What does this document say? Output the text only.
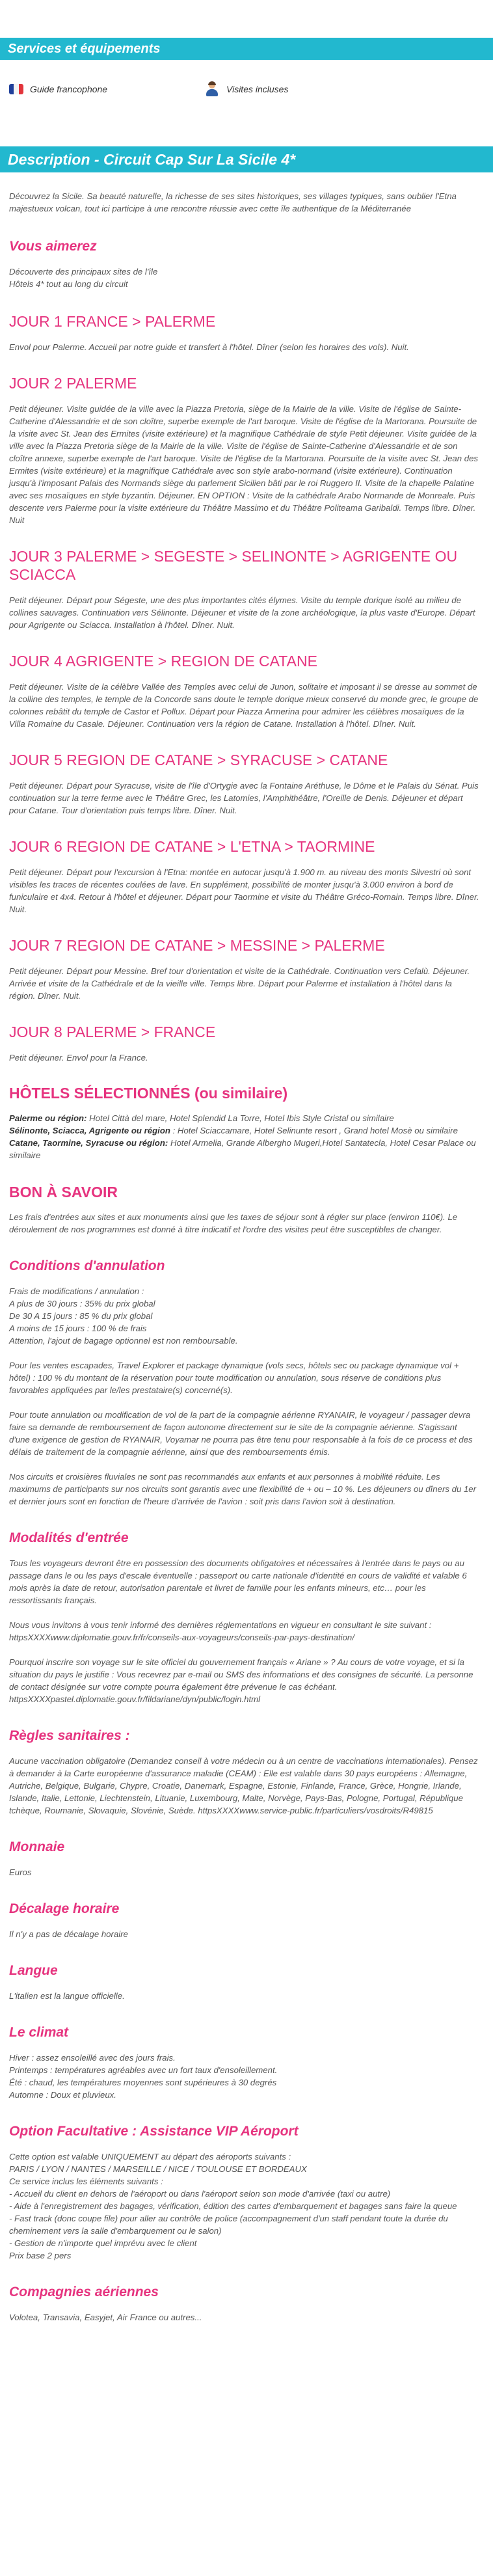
Services et équipements
Guide francophone	Visites incluses
Description - Circuit Cap Sur La Sicile 4*

Découvrez la Sicile. Sa beauté naturelle, la richesse de ses sites historiques, ses villages typiques, sans oublier l'Etna majestueux volcan, tout ici participe à une rencontre réussie avec cette île authentique de la Méditerranée

Vous aimerez

Découverte des principaux sites de l'île

Hôtels 4* tout au long du circuit

JOUR 1 FRANCE > PALERME

Envol pour Palerme. Accueil par notre guide et transfert à l'hôtel. Dîner (selon les horaires des vols). Nuit.

JOUR 2 PALERME

Petit déjeuner. Visite guidée de la ville avec la Piazza Pretoria, siège de la Mairie de la ville. Visite de l'église de Sainte-Catherine d'Alessandrie et de son cloître, superbe exemple de l'art baroque. Visite de l'église de la Martorana. Poursuite de la visite avec St. Jean des Ermites (visite extérieure) et la magnifique Cathédrale de style Petit déjeuner. Visite guidée de la ville avec la Piazza Pretoria siège de la Mairie de la ville. Visite de l'église de Sainte-Catherine d'Alessandrie et de son cloître annexe, superbe exemple de l'art baroque. Visite de l'église de la Martorana. Poursuite de la visite avec St. Jean des Ermites (visite extérieure) et la magnifique Cathédrale avec son style arabo-normand (visite extérieure). Continuation jusqu'à l'imposant Palais des Normands siège du parlement Sicilien bâti par le roi Ruggero II. Visite de la chapelle Palatine avec ses mosaïques en style byzantin. Déjeuner. EN OPTION : Visite de la cathédrale Arabo Normande de Monreale. Puis descente vers Palerme pour la visite extérieure du Théâtre Massimo et du Théâtre Politeama Garibaldi. Temps libre. Dîner. Nuit

JOUR 3 PALERME > SEGESTE > SELINONTE > AGRIGENTE OU SCIACCA

Petit déjeuner. Départ pour Ségeste, une des plus importantes cités élymes. Visite du temple dorique isolé au milieu de collines sauvages. Continuation vers Sélinonte. Déjeuner et visite de la zone archéologique, la plus vaste d'Europe. Départ pour Agrigente ou Sciacca. Installation à l'hôtel. Dîner. Nuit.

JOUR 4 AGRIGENTE > REGION DE CATANE

Petit déjeuner. Visite de la célèbre Vallée des Temples avec celui de Junon, solitaire et imposant il se dresse au sommet de la colline des temples, le temple de la Concorde sans doute le temple dorique mieux conservé du monde grec, le groupe de colonnes rebâtit du temple de Castor et Pollux. Départ pour Piazza Armerina pour admirer les célèbres mosaïques de la Villa Romaine du Casale. Déjeuner. Continuation vers la région de Catane. Installation à l'hôtel. Dîner. Nuit.

JOUR 5 REGION DE CATANE > SYRACUSE > CATANE

Petit déjeuner. Départ pour Syracuse, visite de l'île d'Ortygie avec la Fontaine Aréthuse, le Dôme et le Palais du Sénat. Puis continuation sur la terre ferme avec le Théâtre Grec, les Latomies, l'Amphithéâtre, l'Oreille de Denis. Déjeuner et départ pour Catane. Tour d'orientation puis temps libre. Dîner. Nuit.

JOUR 6 REGION DE CATANE > L'ETNA > TAORMINE

Petit déjeuner. Départ pour l'excursion à l'Etna: montée en autocar jusqu'à 1.900 m. au niveau des monts Silvestri où sont visibles les traces de récentes coulées de lave. En supplément, possibilité de monter jusqu'à 3.000 environ à bord de funiculaire et 4x4. Retour à l'hôtel et déjeuner. Départ pour Taormine et visite du Théâtre Gréco-Romain. Temps libre. Dîner. Nuit.

JOUR 7 REGION DE CATANE > MESSINE > PALERME

Petit déjeuner. Départ pour Messine. Bref tour d'orientation et visite de la Cathédrale. Continuation vers Cefalù. Déjeuner. Arrivée et visite de la Cathédrale et de la vieille ville. Temps libre. Départ pour Palerme et installation à l'hôtel dans la région. Dîner. Nuit.

JOUR 8 PALERME > FRANCE

Petit déjeuner. Envol pour la France.

HÔTELS SÉLECTIONNÉS (ou similaire)

Palerme ou région: Hotel Città del mare, Hotel Splendid La Torre, Hotel Ibis Style Cristal ou similaire

Sélinonte, Sciacca, Agrigente ou région : Hotel Sciaccamare, Hotel Selinunte resort , Grand hotel Mosè ou similaire

Catane, Taormine, Syracuse ou région: Hotel Armelia, Grande Albergho Mugeri,Hotel Santatecla, Hotel Cesar Palace ou similaire

BON À SAVOIR

Les frais d'entrées aux sites et aux monuments ainsi que les taxes de séjour sont à régler sur place (environ 110€). Le déroulement de nos programmes est donné à titre indicatif et l'ordre des visites peut être susceptibles de changer.

Conditions d'annulation

Frais de modifications / annulation :

A plus de 30 jours : 35% du prix global

De 30 A 15 jours : 85 % du prix global

A moins de 15 jours : 100 % de frais

Attention, l'ajout de bagage optionnel est non remboursable.

Pour les ventes escapades, Travel Explorer et package dynamique (vols secs, hôtels sec ou package dynamique vol + hôtel) : 100 % du montant de la réservation pour toute modification ou annulation, sous réserve de conditions plus favorables appliquées par le/les prestataire(s) concerné(s).

Pour toute annulation ou modification de vol de la part de la compagnie aérienne RYANAIR, le voyageur / passager devra faire sa demande de remboursement de façon autonome directement sur le site de la compagnie aérienne. S'agissant d'une exigence de gestion de RYANAIR, Voyamar ne pourra pas être tenu pour responsable à la fois de ce process et des délais de traitement de la compagnie aérienne, ainsi que des remboursements émis.

Nos circuits et croisières fluviales ne sont pas recommandés aux enfants et aux personnes à mobilité réduite. Les maximums de participants sur nos circuits sont garantis avec une flexibilité de + ou – 10 %. Les déjeuners ou dîners du 1er et dernier jours sont en fonction de l'heure d'arrivée de l'avion : soit pris dans l'avion soit à destination.

Modalités d'entrée

Tous les voyageurs devront être en possession des documents obligatoires et nécessaires à l'entrée dans le pays ou au passage dans le ou les pays d'escale éventuelle : passeport ou carte nationale d'identité en cours de validité et valable 6 mois après la date de retour, autorisation parentale et livret de famille pour les enfants mineurs, etc… pour les ressortissants français.

Nous vous invitons à vous tenir informé des dernières réglementations en vigueur en consultant le site suivant : httpsXXXXwww.diplomatie.gouv.fr/fr/conseils-aux-voyageurs/conseils-par-pays-destination/

Pourquoi inscrire son voyage sur le site officiel du gouvernement français « Ariane » ? Au cours de votre voyage, et si la situation du pays le justifie : Vous recevrez par e-mail ou SMS des informations et des consignes de sécurité. La personne de contact désignée sur votre compte pourra également être prévenue le cas échéant. httpsXXXXpastel.diplomatie.gouv.fr/fildariane/dyn/public/login.html

Règles sanitaires :

Aucune vaccination obligatoire (Demandez conseil à votre médecin ou à un centre de vaccinations internationales). Pensez à demander à la Carte européenne d'assurance maladie (CEAM) : Elle est valable dans 30 pays européens : Allemagne, Autriche, Belgique, Bulgarie, Chypre, Croatie, Danemark, Espagne, Estonie, Finlande, France, Grèce, Hongrie, Irlande, Islande, Italie, Lettonie, Liechtenstein, Lituanie, Luxembourg, Malte, Norvège, Pays-Bas, Pologne, Portugal, République tchèque, Roumanie, Slovaquie, Slovénie, Suède. httpsXXXXwww.service-public.fr/particuliers/vosdroits/R49815

Monnaie

Euros

Décalage horaire

Il n'y a pas de décalage horaire

Langue

L'italien est la langue officielle.

Le climat

Hiver : assez ensoleillé avec des jours frais.

Printemps : températures agréables avec un fort taux d'ensoleillement.

Été : chaud, les températures moyennes sont supérieures à 30 degrés

Automne : Doux et pluvieux.

Option Facultative : Assistance VIP Aéroport

Cette option est valable UNIQUEMENT au départ des aéroports suivants :

PARIS / LYON / NANTES / MARSEILLE / NICE / TOULOUSE ET BORDEAUX

Ce service inclus les éléments suivants :

- Accueil du client en dehors de l'aéroport ou dans l'aéroport selon son mode d'arrivée (taxi ou autre)

- Aide à l'enregistrement des bagages, vérification, édition des cartes d'embarquement et bagages sans faire la queue

- Fast track (donc coupe file) pour aller au contrôle de police (accompagnement d'un staff pendant toute la durée du cheminement vers la salle d'embarquement ou le salon)

- Gestion de n'importe quel imprévu avec le client

Prix base 2 pers

Compagnies aériennes

Volotea, Transavia, Easyjet, Air France ou autres...
